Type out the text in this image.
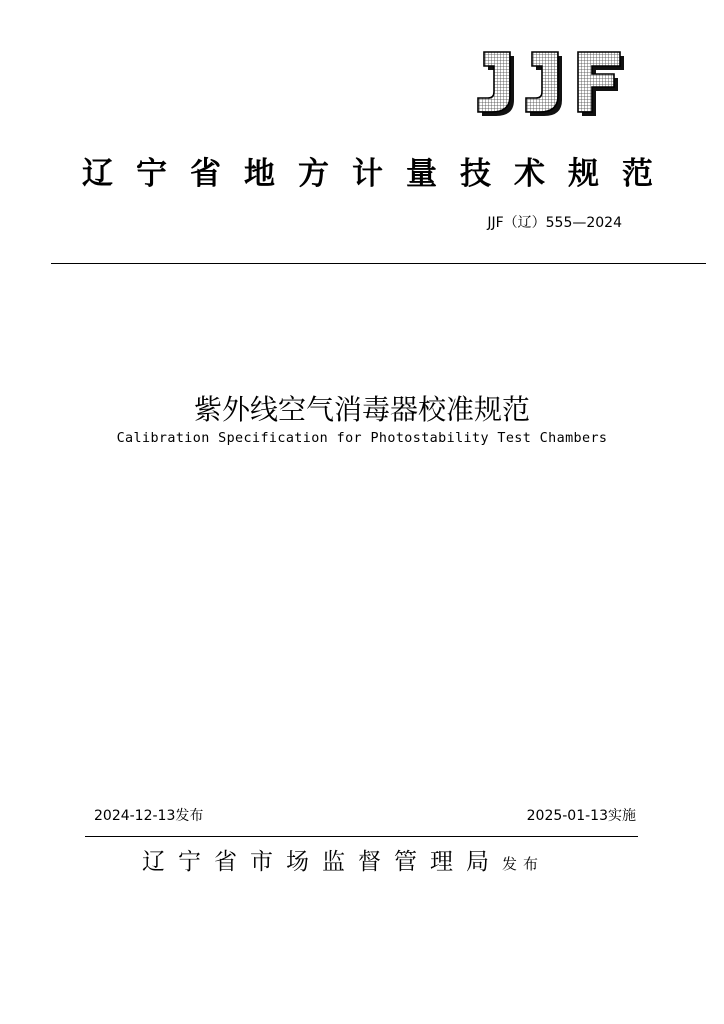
辽宁省地方计量技术规范
JJF（辽）555—2024
紫外线空气消毒器校准规范
Calibration Specification for Photostability Test Chambers
2024-12-13发布	2025-01-13实施
辽宁省市场监督管理局发布
